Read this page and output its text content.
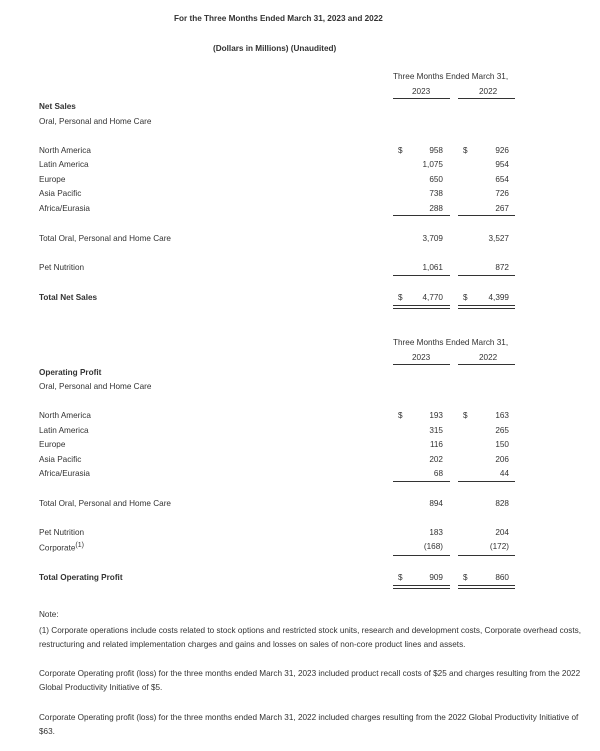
For the Three Months Ended March 31, 2023 and 2022
(Dollars in Millions) (Unaudited)
Three Months Ended March 31,
2023	2022
Net Sales
Oral, Personal and Home Care
North America	$	958 $	926
Latin America	1,075	954
Europe	650	654
Asia Pacific	738	726
Africa/Eurasia	288	267
Total Oral, Personal and Home Care	3,709	3,527
Pet Nutrition	1,061	872
Total Net Sales	$	4,770 $	4,399
Three Months Ended March 31,
2023	2022
Operating Profit
Oral, Personal and Home Care
North America	$	193 $	163
Latin America	315	265
Europe	116	150
Asia Pacific	202	206
Africa/Eurasia	68	44
Total Oral, Personal and Home Care	894	828
Pet Nutrition	183	204
Corporate$^{(1)}$	(168)	(172)
Total Operating Profit	$	909 $	860
Note:
(1) Corporate operations include costs related to stock options and restricted stock units, research and development costs, Corporate overhead costs, restructuring and related implementation charges and gains and losses on sales of non-core product lines and assets.
Corporate Operating profit (loss) for the three months ended March 31, 2023 included product recall costs of $25 and charges resulting from the 2022 Global Productivity Initiative of $5.
Corporate Operating profit (loss) for the three months ended March 31, 2022 included charges resulting from the 2022 Global Productivity Initiative of $63.
